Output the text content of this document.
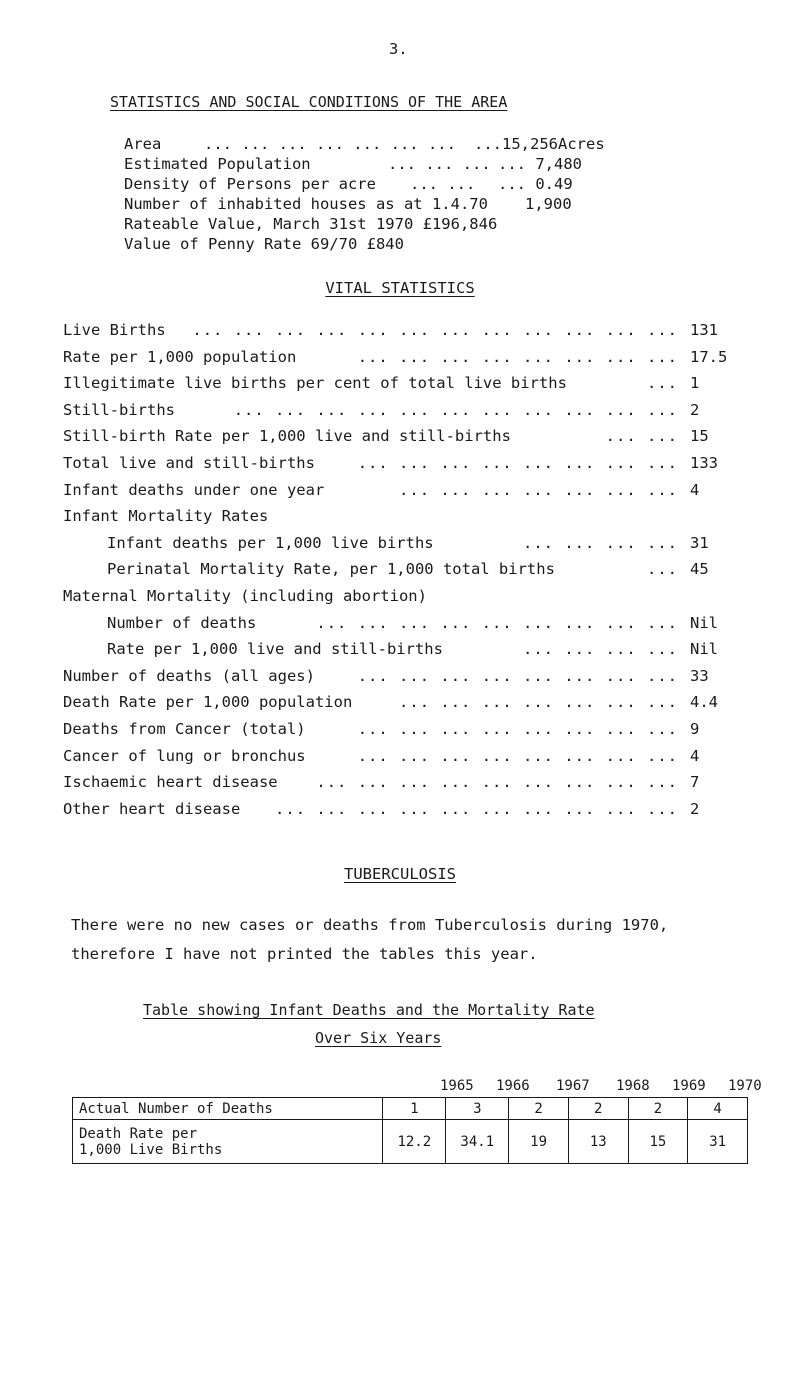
3.
STATISTICS AND SOCIAL CONDITIONS OF THE AREA
Area	... ... ... ... ... ... ... ...15,256Acres
Estimated Population	... ... ... ... 7,480
Density of Persons per acre ... ... ... 0.49
Number of inhabited houses as at 1.4.70 1,900
Rateable Value, March 31st 1970 £196,846
Value of Penny Rate 69/70 £840
VITAL STATISTICS
Live Births ... ... ... ... ... ... ... ... ... ... ... ... 131
Rate per 1,000 population	... ... ... ... ... ... ... ... 17.5
Illegitimate live births per cent of total live births	... 1
Still-births	... ... ... ... ... ... ... ... ... ... ... 2
Still-birth Rate per 1,000 live and still-births	... ... 15
Total live and still-births ... ... ... ... ... ... ... ... 133
Infant deaths under one year	... ... ... ... ... ... ... 4
Infant Mortality Rates
Infant deaths per 1,000 live births	... ... ... ... 31
Perinatal Mortality Rate, per 1,000 total births	... 45
Maternal Mortality (including abortion)
Number of deaths	... ... ... ... ... ... ... ... ... Nil
Rate per 1,000 live and still-births	... ... ... ... Nil
Number of deaths (all ages) ... ... ... ... ... ... ... ... 33
Death Rate per 1,000 population ... ... ... ... ... ... ... 4.4
Deaths from Cancer (total)	... ... ... ... ... ... ... ... 9
Cancer of lung or bronchus	... ... ... ... ... ... ... ... 4
Ischaemic heart disease ... ... ... ... ... ... ... ... ... 7
Other heart disease ... ... ... ... ... ... ... ... ... ... 2
TUBERCULOSIS
There were no new cases or deaths from Tuberculosis during 1970,
therefore I have not printed the tables this year.
Table showing Infant Deaths and the Mortality Rate
Over Six Years
1965 1966 1967 1968 1969 1970
Actual Number of Deaths	1	3	2	2	2	4
Death Rate per
1,000 Live Births	12.2	34.1	19	13	15	31
